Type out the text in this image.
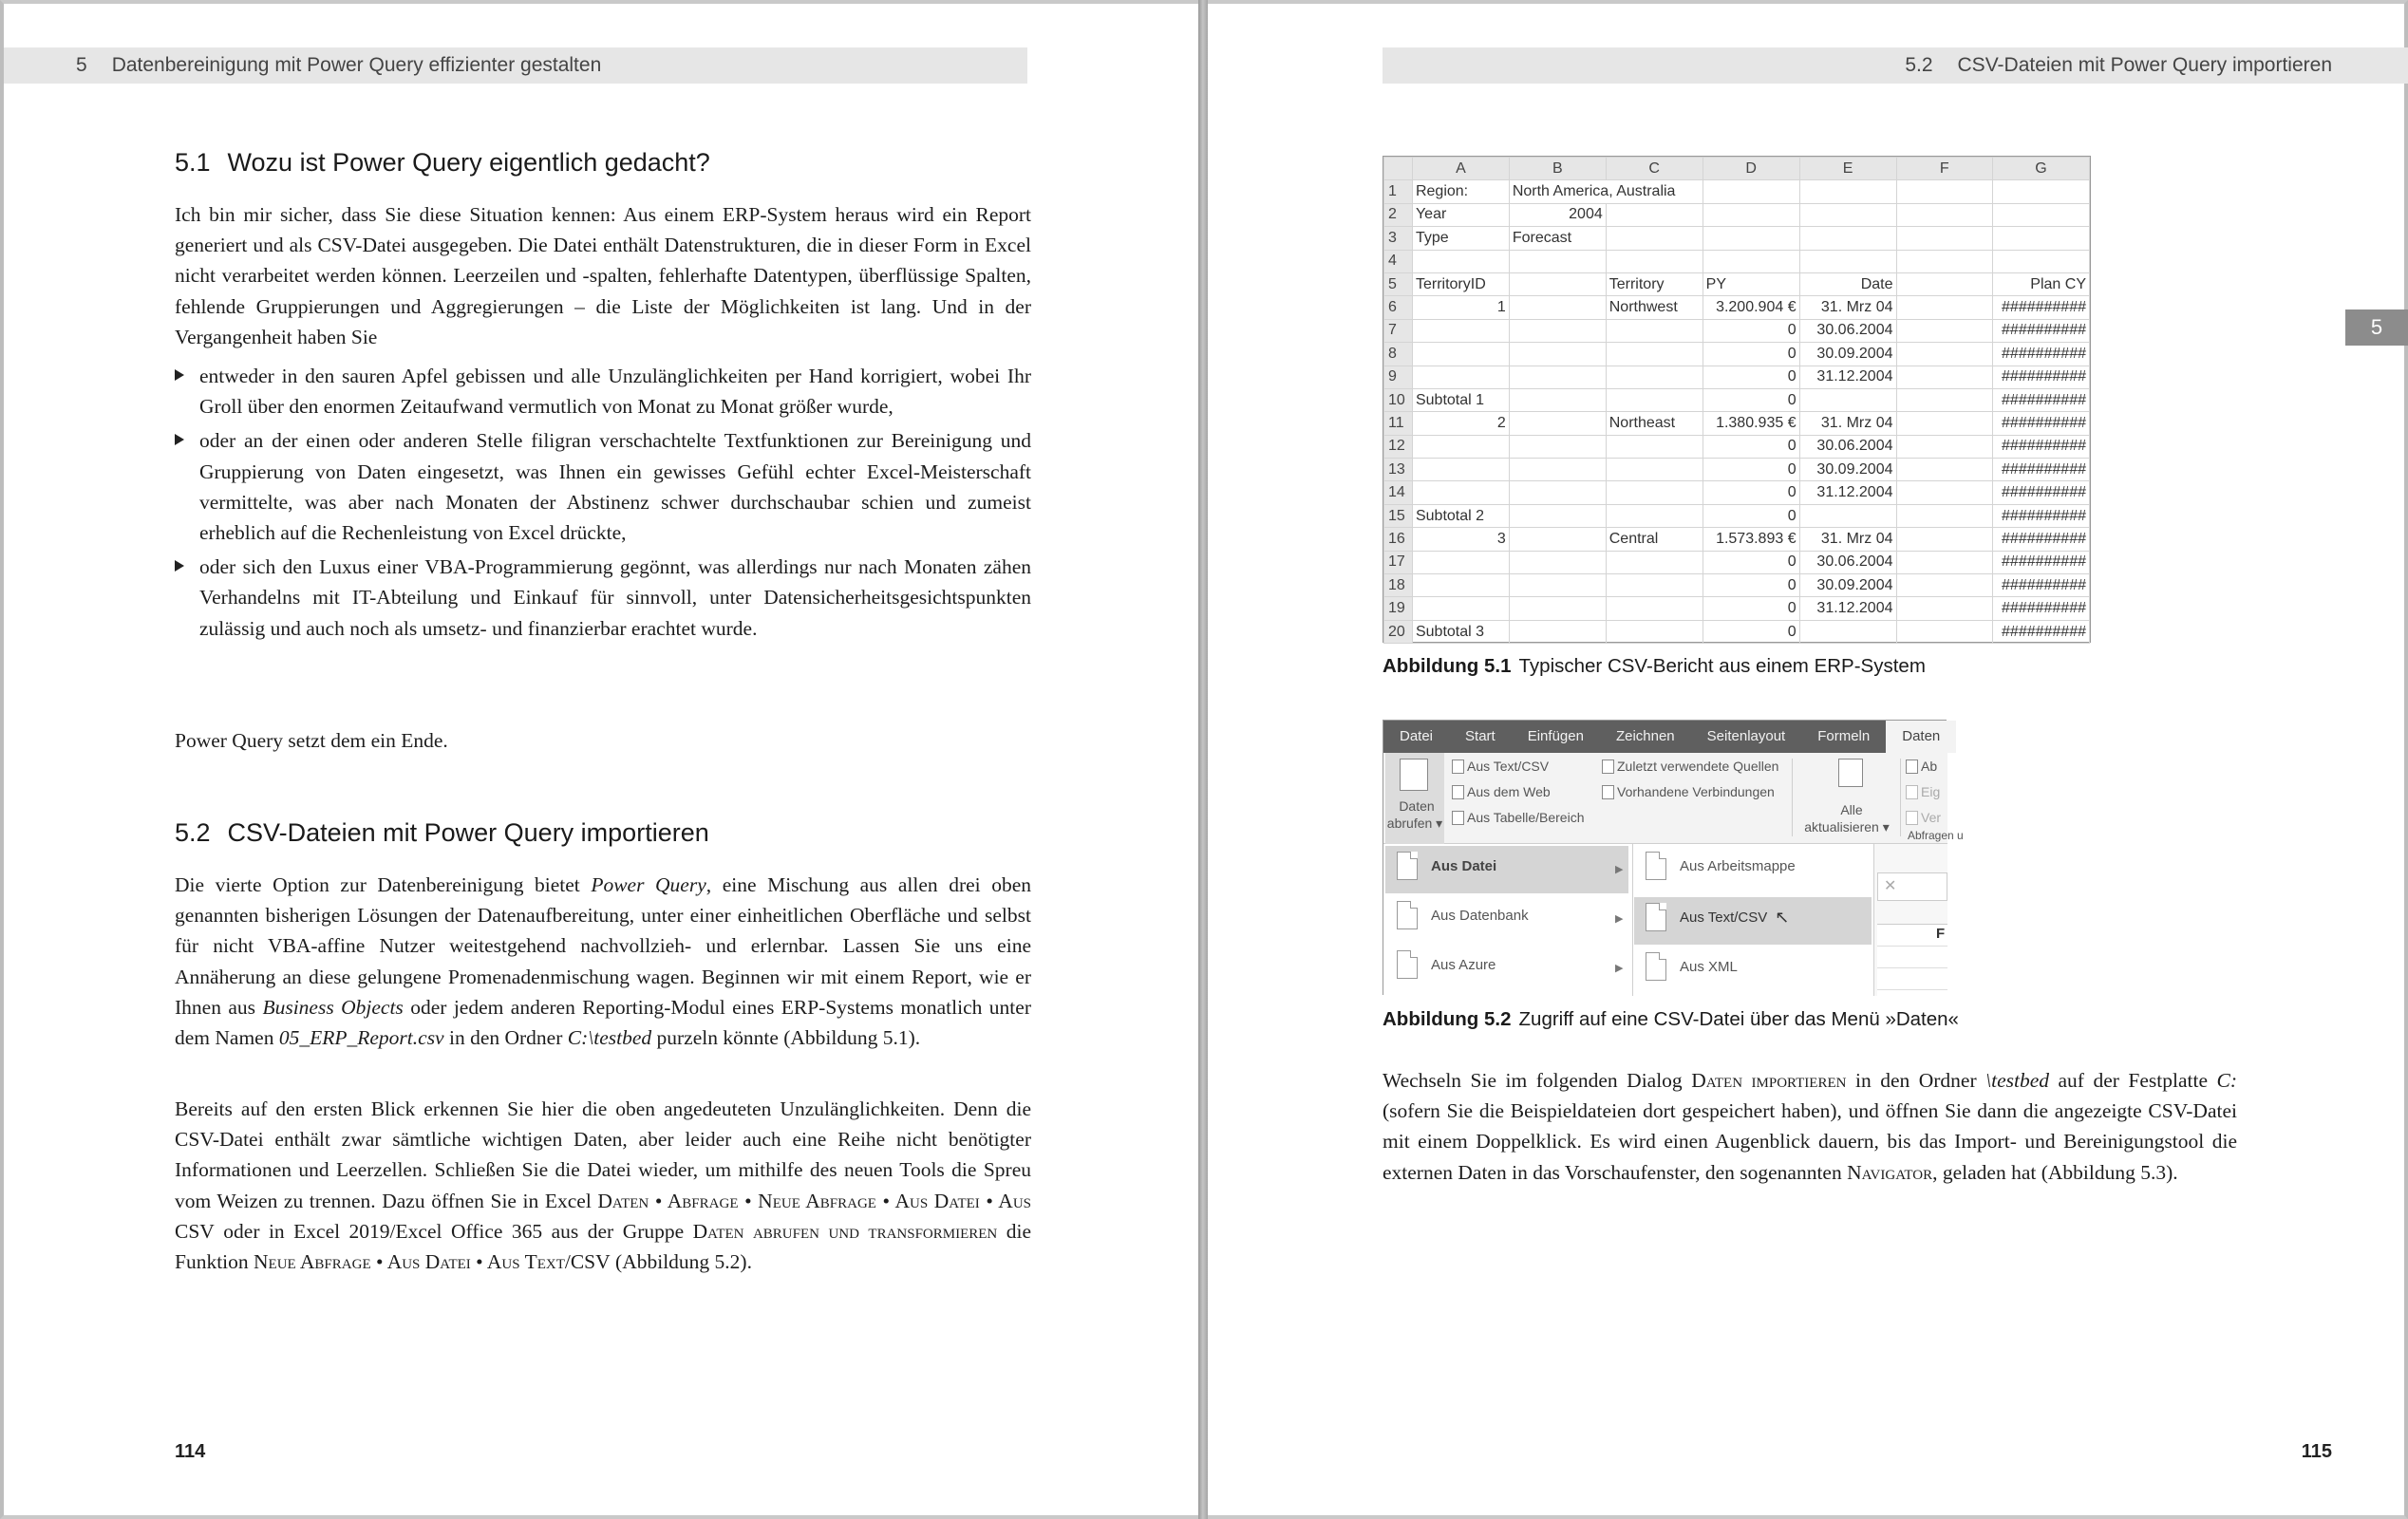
5 Datenbereinigung mit Power Query effizienter gestalten
5.1 Wozu ist Power Query eigentlich gedacht?

Ich bin mir sicher, dass Sie diese Situation kennen: Aus einem ERP-System heraus wird ein Report generiert und als CSV-Datei ausgegeben. Die Datei enthält Datenstrukturen, die in dieser Form in Excel nicht verarbeitet werden können. Leerzeilen und -spalten, fehlerhafte Datentypen, überflüssige Spalten, fehlende Gruppierungen und Aggregierungen – die Liste der Möglichkeiten ist lang. Und in der Vergangenheit haben Sie

entweder in den sauren Apfel gebissen und alle Unzulänglichkeiten per Hand korrigiert, wobei Ihr Groll über den enormen Zeitaufwand vermutlich von Monat zu Monat größer wurde,
oder an der einen oder anderen Stelle filigran verschachtelte Textfunktionen zur Bereinigung und Gruppierung von Daten eingesetzt, was Ihnen ein gewisses Gefühl echter Excel-Meisterschaft vermittelte, was aber nach Monaten der Abstinenz schwer durchschaubar schien und zumeist erheblich auf die Rechenleistung von Excel drückte,
oder sich den Luxus einer VBA-Programmierung gegönnt, was allerdings nur nach Monaten zähen Verhandelns mit IT-Abteilung und Einkauf für sinnvoll, unter Datensicherheitsgesichtspunkten zulässig und auch noch als umsetz- und finanzierbar erachtet wurde.

Power Query setzt dem ein Ende.

5.2 CSV-Dateien mit Power Query importieren

Die vierte Option zur Datenbereinigung bietet Power Query, eine Mischung aus allen drei oben genannten bisherigen Lösungen der Datenaufbereitung, unter einer einheitlichen Oberfläche und selbst für nicht VBA-affine Nutzer weitestgehend nachvollzieh- und erlernbar. Lassen Sie uns eine Annäherung an diese gelungene Promenadenmischung wagen. Beginnen wir mit einem Report, wie er Ihnen aus Business Objects oder jedem anderen Reporting-Modul eines ERP-Systems monatlich unter dem Namen 05_ERP_Report.csv in den Ordner C:\testbed purzeln könnte (Abbildung 5.1).

Bereits auf den ersten Blick erkennen Sie hier die oben angedeuteten Unzulänglichkeiten. Denn die CSV-Datei enthält zwar sämtliche wichtigen Daten, aber leider auch eine Reihe nicht benötigter Informationen und Leerzellen. Schließen Sie die Datei wieder, um mithilfe des neuen Tools die Spreu vom Weizen zu trennen. Dazu öffnen Sie in Excel Daten • Abfrage • Neue Abfrage • Aus Datei • Aus CSV oder in Excel 2019/Excel Office 365 aus der Gruppe Daten abrufen und transformieren die Funktion Neue Abfrage • Aus Datei • Aus Text/CSV (Abbildung 5.2).

114
5.2 CSV-Dateien mit Power Query importieren
5
	A	B	C	D	E	F	G
1	Region:	North America, Australia					
2	Year	2004					
3	Type	Forecast					
4							
5	TerritoryID		Territory	PY	Date		Plan CY
6	1		Northwest	3.200.904 €	31. Mrz 04		##########
7				0	30.06.2004		##########
8				0	30.09.2004		##########
9				0	31.12.2004		##########
10	Subtotal 1			0			##########
11	2		Northeast	1.380.935 €	31. Mrz 04		##########
12				0	30.06.2004		##########
13				0	30.09.2004		##########
14				0	31.12.2004		##########
15	Subtotal 2			0			##########
16	3		Central	1.573.893 €	31. Mrz 04		##########
17				0	30.06.2004		##########
18				0	30.09.2004		##########
19				0	31.12.2004		##########
20	Subtotal 3			0			##########
Abbildung 5.1 Typischer CSV-Bericht aus einem ERP-System
Datei	Start	Einfügen	Zeichnen	Seitenlayout	Formeln	Daten
Daten
abrufen ▾
Aus Text/CSV
Aus dem Web
Aus Tabelle/Bereich
Zuletzt verwendete Quellen
Vorhandene Verbindungen
Alle
aktualisieren ▾
Ab
Eig
Ver
Abfragen u
Aus Datei	▶
Aus Datenbank	▶
Aus Azure	▶
Aus Arbeitsmappe
Aus Text/CSV ↖
Aus XML
✕
F
Abbildung 5.2 Zugriff auf eine CSV-Datei über das Menü »Daten«

Wechseln Sie im folgenden Dialog Daten importieren in den Ordner \testbed auf der Festplatte C: (sofern Sie die Beispieldateien dort gespeichert haben), und öffnen Sie dann die angezeigte CSV-Datei mit einem Doppelklick. Es wird einen Augenblick dauern, bis das Import- und Bereinigungstool die externen Daten in das Vorschaufenster, den sogenannten Navigator, geladen hat (Abbildung 5.3).

115
